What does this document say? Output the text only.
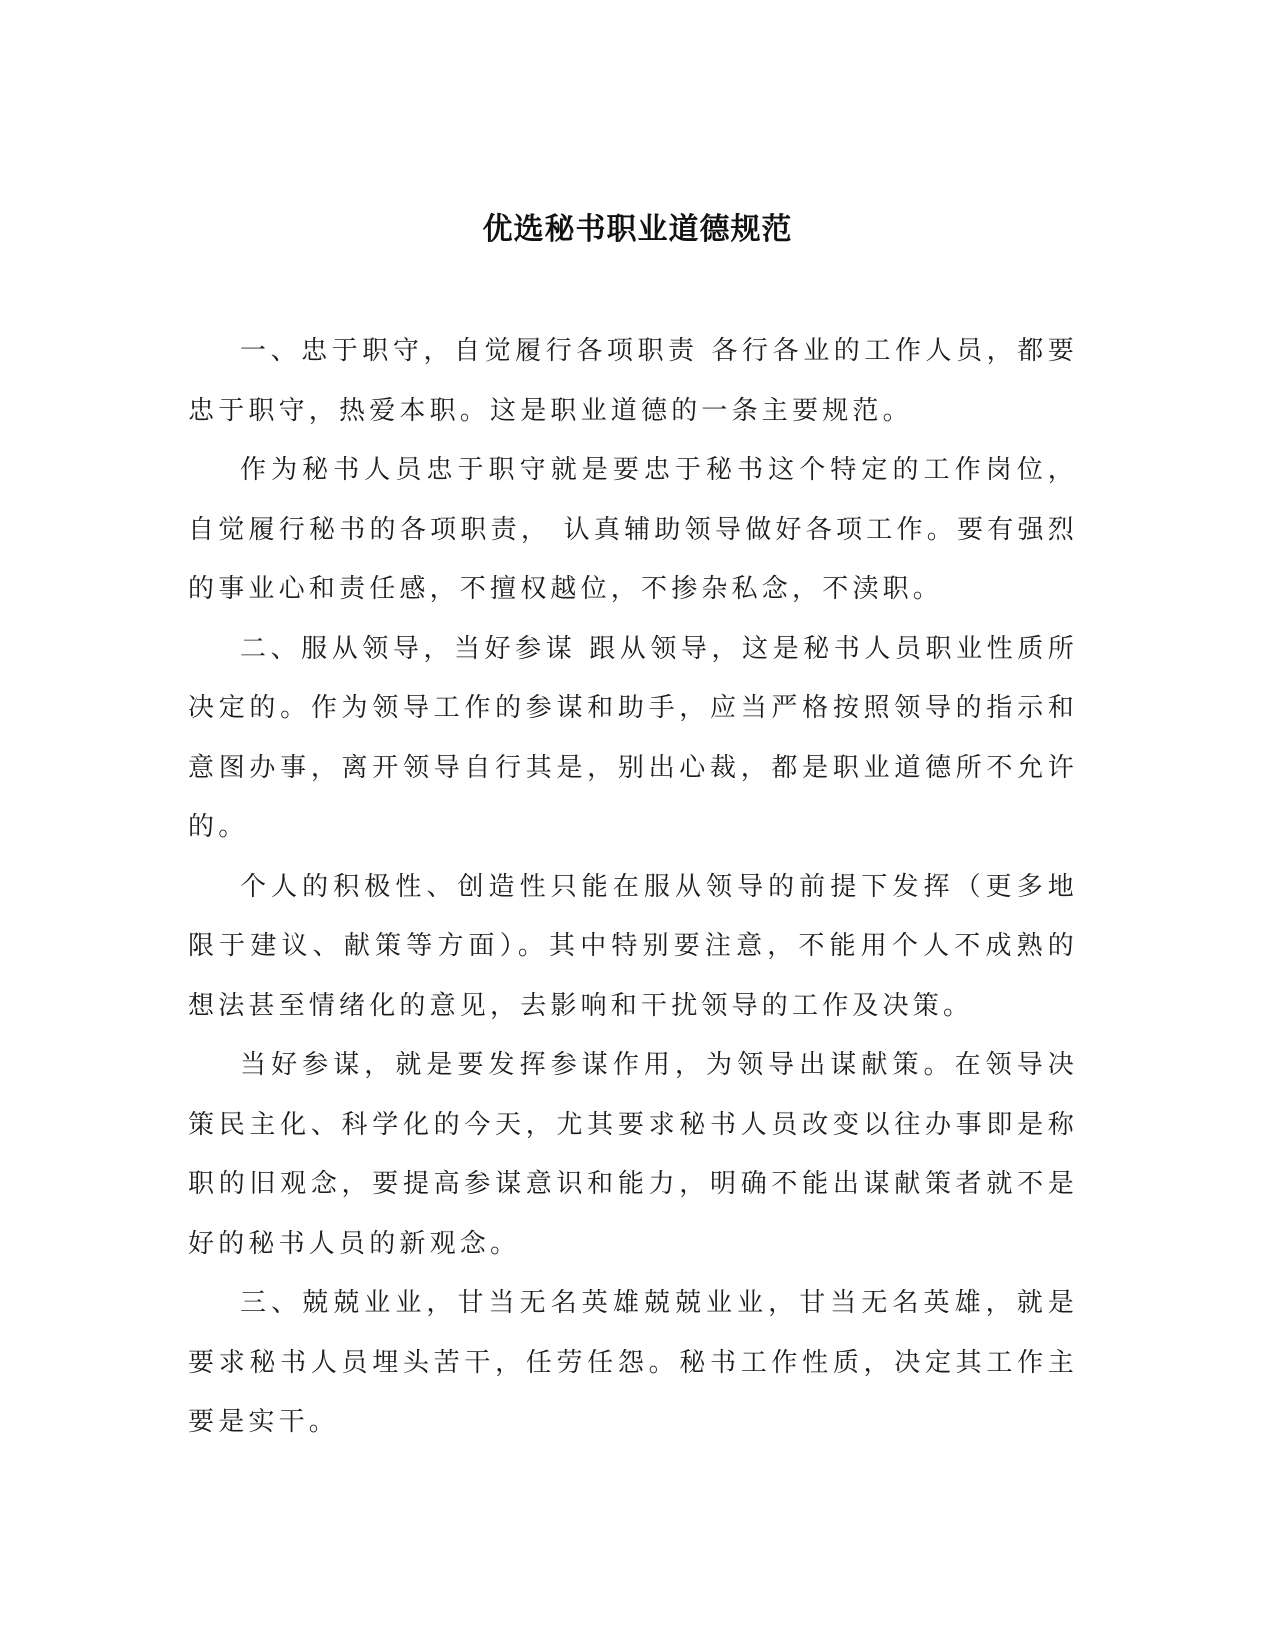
优选秘书职业道德规范

一、忠于职守，自觉履行各项职责 各行各业的工作人员，都要忠于职守，热爱本职。这是职业道德的一条主要规范。

作为秘书人员忠于职守就是要忠于秘书这个特定的工作岗位，自觉履行秘书的各项职责， 认真辅助领导做好各项工作。要有强烈的事业心和责任感，不擅权越位，不掺杂私念，不渎职。

二、服从领导，当好参谋 跟从领导，这是秘书人员职业性质所决定的。作为领导工作的参谋和助手，应当严格按照领导的指示和意图办事，离开领导自行其是，别出心裁，都是职业道德所不允许的。

个人的积极性、创造性只能在服从领导的前提下发挥（更多地限于建议、献策等方面）。其中特别要注意，不能用个人不成熟的想法甚至情绪化的意见，去影响和干扰领导的工作及决策。

当好参谋，就是要发挥参谋作用，为领导出谋献策。在领导决策民主化、科学化的今天，尤其要求秘书人员改变以往办事即是称职的旧观念，要提高参谋意识和能力，明确不能出谋献策者就不是好的秘书人员的新观念。

三、兢兢业业，甘当无名英雄兢兢业业，甘当无名英雄，就是要求秘书人员埋头苦干，任劳任怨。秘书工作性质，决定其工作主要是实干。
